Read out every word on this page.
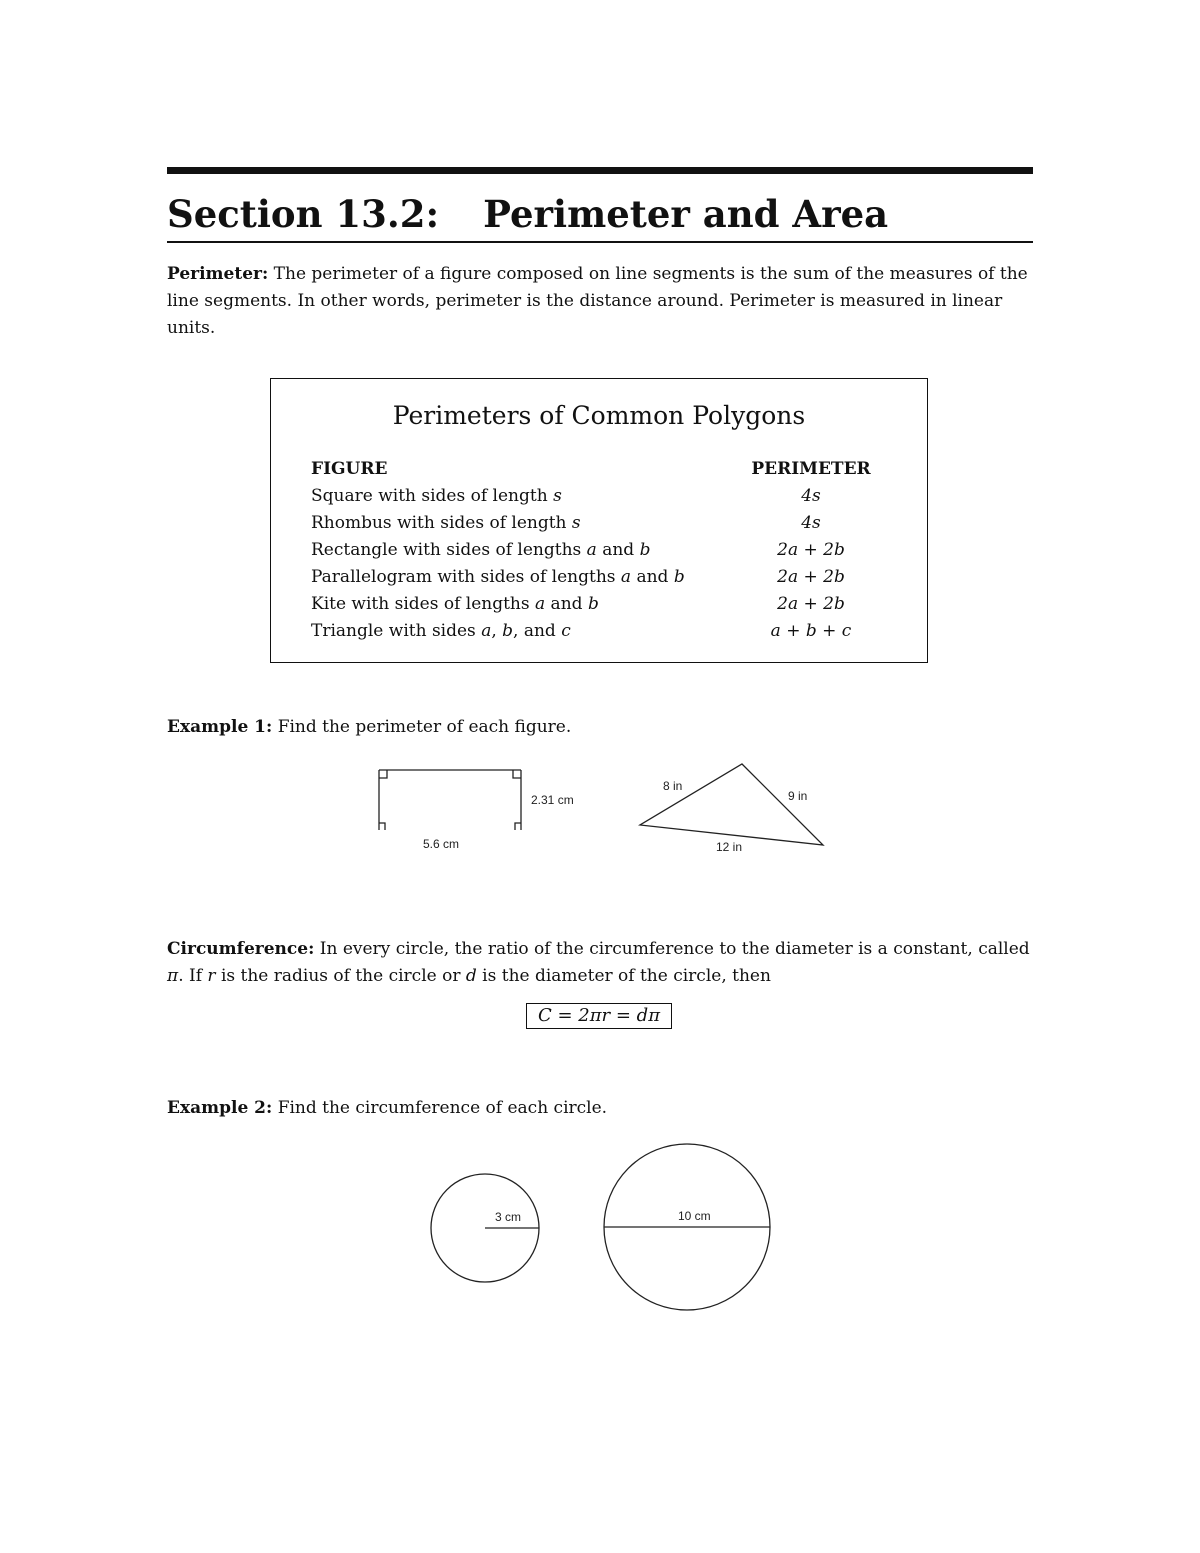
Section 13.2: Perimeter and Area
Perimeter: The perimeter of a figure composed on line segments is the sum of the measures of the line segments. In other words, perimeter is the distance around. Perimeter is measured in linear units.
Perimeters of Common Polygons
FIGURE	PERIMETER
Square with sides of length s	4s
Rhombus with sides of length s	4s
Rectangle with sides of lengths a and b	2a + 2b
Parallelogram with sides of lengths a and b	2a + 2b
Kite with sides of lengths a and b	2a + 2b
Triangle with sides a, b, and c	a + b + c
Example 1: Find the perimeter of each figure.
2.31 cm
5.6 cm
8 in
9 in
12 in
3 cm	10 cm
Circumference: In every circle, the ratio of the circumference to the diameter is a constant, called π. If r is the radius of the circle or d is the diameter of the circle, then
C = 2πr = dπ
Example 2: Find the circumference of each circle.
